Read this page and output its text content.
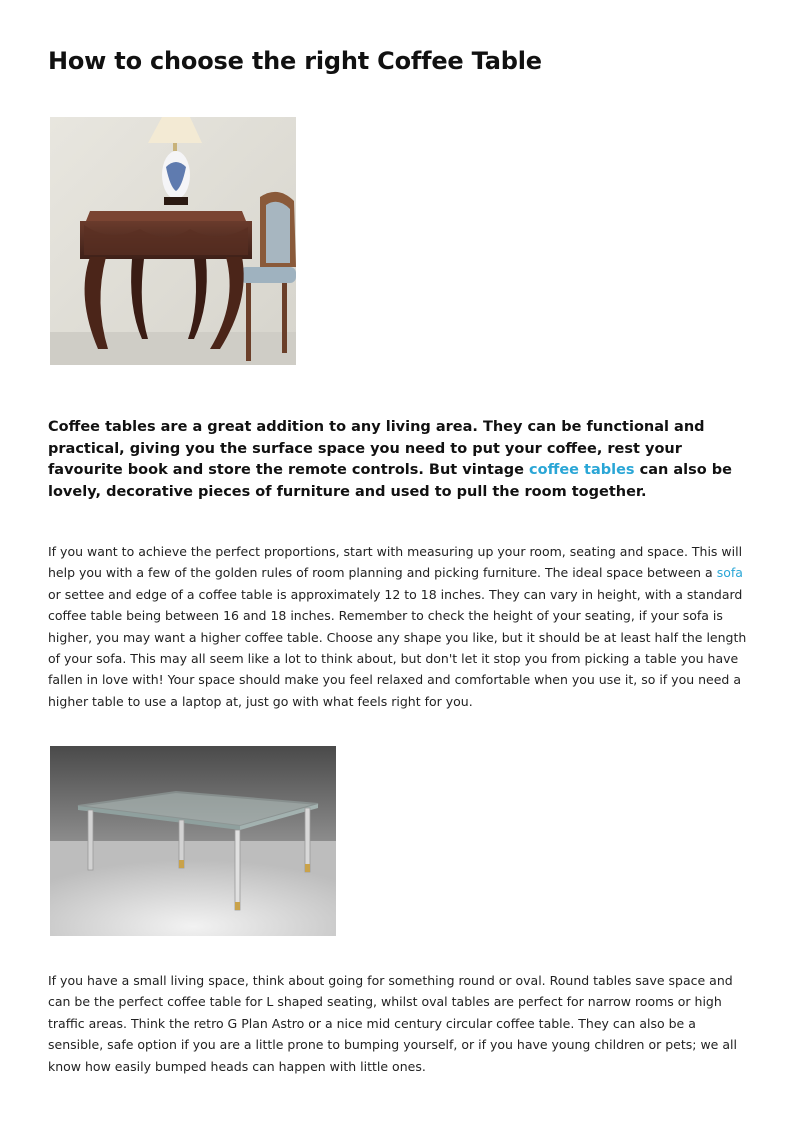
How to choose the right Coffee Table

Coffee tables are a great addition to any living area. They can be functional and practical, giving you the surface space you need to put your coffee, rest your favourite book and store the remote controls. But vintage coffee tables can also be lovely, decorative pieces of furniture and used to pull the room together.

If you want to achieve the perfect proportions, start with measuring up your room, seating and space. This will help you with a few of the golden rules of room planning and picking furniture. The ideal space between a sofa or settee and edge of a coffee table is approximately 12 to 18 inches. They can vary in height, with a standard coffee table being between 16 and 18 inches. Remember to check the height of your seating, if your sofa is higher, you may want a higher coffee table. Choose any shape you like, but it should be at least half the length of your sofa. This may all seem like a lot to think about, but don't let it stop you from picking a table you have fallen in love with! Your space should make you feel relaxed and comfortable when you use it, so if you need a higher table to use a laptop at, just go with what feels right for you.

If you have a small living space, think about going for something round or oval. Round tables save space and can be the perfect coffee table for L shaped seating, whilst oval tables are perfect for narrow rooms or high traffic areas. Think the retro G Plan Astro or a nice mid century circular coffee table. They can also be a sensible, safe option if you are a little prone to bumping yourself, or if you have young children or pets; we all know how easily bumped heads can happen with little ones.
